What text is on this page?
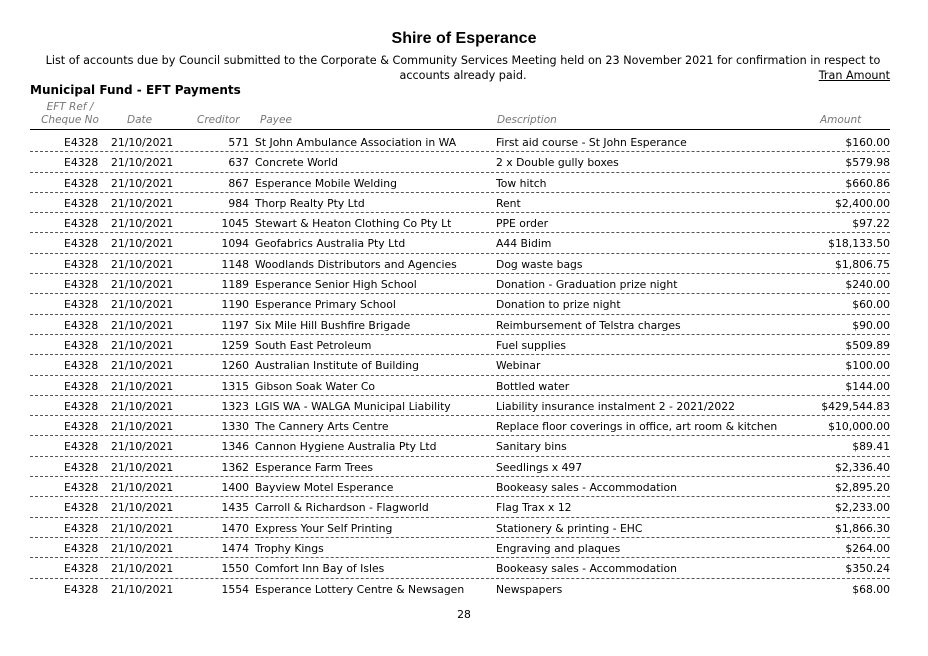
Shire of Esperance
List of accounts due by Council submitted to the Corporate & Community Services Meeting held on 23 November 2021 for confirmation in respect to accounts already paid.	Tran Amount
Municipal Fund - EFT Payments
EFT Ref /
Cheque No	Date	Creditor Payee	Description	Amount
E4328 21/10/2021	571 St John Ambulance Association in WA	First aid course - St John Esperance	$160.00
E4328 21/10/2021	637 Concrete World	2 x Double gully boxes	$579.98
E4328 21/10/2021	867 Esperance Mobile Welding	Tow hitch	$660.86
E4328 21/10/2021	984 Thorp Realty Pty Ltd	Rent	$2,400.00
E4328 21/10/2021	1045 Stewart & Heaton Clothing Co Pty Lt	PPE order	$97.22
E4328 21/10/2021	1094 Geofabrics Australia Pty Ltd	A44 Bidim	$18,133.50
E4328 21/10/2021	1148 Woodlands Distributors and Agencies	Dog waste bags	$1,806.75
E4328 21/10/2021	1189 Esperance Senior High School	Donation - Graduation prize night	$240.00
E4328 21/10/2021	1190 Esperance Primary School	Donation to prize night	$60.00
E4328 21/10/2021	1197 Six Mile Hill Bushfire Brigade	Reimbursement of Telstra charges	$90.00
E4328 21/10/2021	1259 South East Petroleum	Fuel supplies	$509.89
E4328 21/10/2021	1260 Australian Institute of Building	Webinar	$100.00
E4328 21/10/2021	1315 Gibson Soak Water Co	Bottled water	$144.00
E4328 21/10/2021	1323 LGIS WA - WALGA Municipal Liability	Liability insurance instalment 2 - 2021/2022	$429,544.83
E4328 21/10/2021	1330 The Cannery Arts Centre	Replace floor coverings in office, art room & kitchen	$10,000.00
E4328 21/10/2021	1346 Cannon Hygiene Australia Pty Ltd	Sanitary bins	$89.41
E4328 21/10/2021	1362 Esperance Farm Trees	Seedlings x 497	$2,336.40
E4328 21/10/2021	1400 Bayview Motel Esperance	Bookeasy sales - Accommodation	$2,895.20
E4328 21/10/2021	1435 Carroll & Richardson - Flagworld	Flag Trax x 12	$2,233.00
E4328 21/10/2021	1470 Express Your Self Printing	Stationery & printing - EHC	$1,866.30
E4328 21/10/2021	1474 Trophy Kings	Engraving and plaques	$264.00
E4328 21/10/2021	1550 Comfort Inn Bay of Isles	Bookeasy sales - Accommodation	$350.24
E4328 21/10/2021	1554 Esperance Lottery Centre & Newsagen	Newspapers	$68.00
28
